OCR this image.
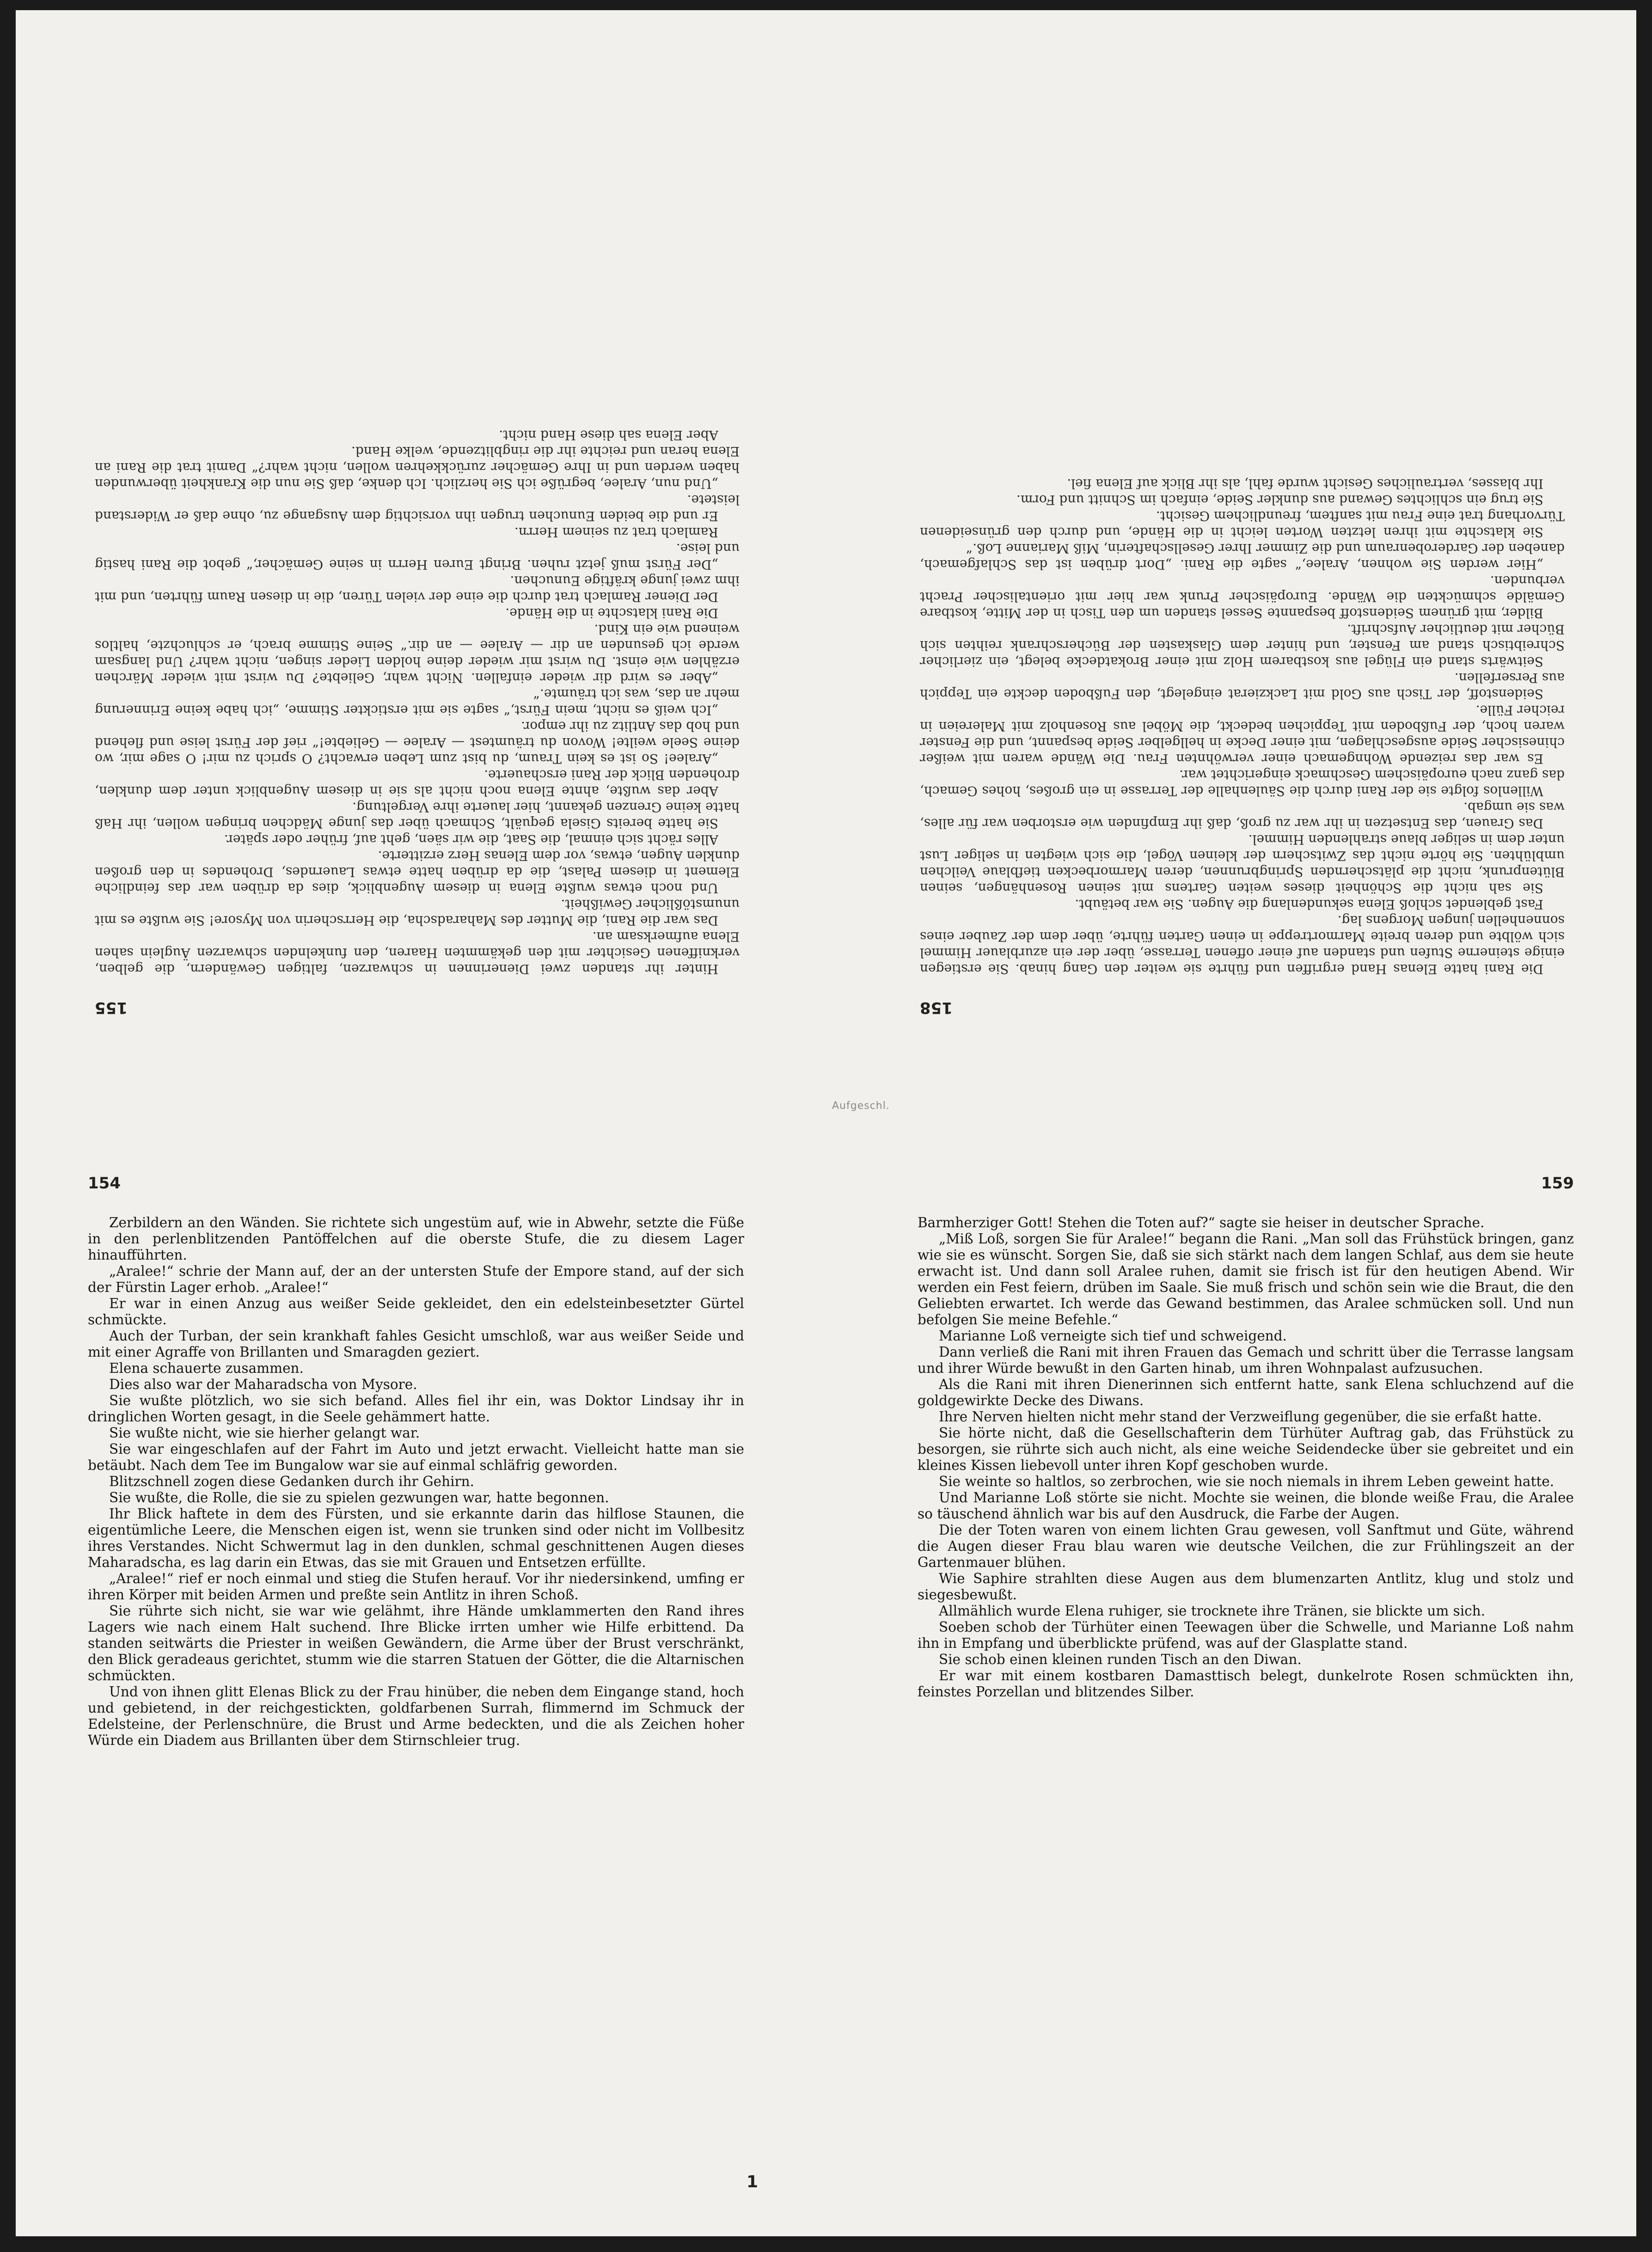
155

Hinter ihr standen zwei Dienerinnen in schwarzen, faltigen Gewändern, die gelben, verkniffenen Gesichter mit den gekämmten Haaren, den funkelnden schwarzen Äuglein sahen Elena aufmerksam an.

Das war die Rani, die Mutter des Maharadscha, die Herrscherin von Mysore! Sie wußte es mit unumstößlicher Gewißheit.

Und noch etwas wußte Elena in diesem Augenblick, dies da drüben war das feindliche Element in diesem Palast, die da drüben hatte etwas Lauerndes, Drohendes in den großen dunklen Augen, etwas, vor dem Elenas Herz erzitterte.

Alles rächt sich einmal, die Saat, die wir säen, geht auf, früher oder später.

Sie hatte bereits Gisela gequält, Schmach über das junge Mädchen bringen wollen, ihr Haß hatte keine Grenzen gekannt, hier lauerte ihre Vergeltung.

Aber das wußte, ahnte Elena noch nicht als sie in diesem Augenblick unter dem dunklen, drohenden Blick der Rani erschauerte.

„Aralee! So ist es kein Traum, du bist zum Leben erwacht? O sprich zu mir! O sage mir, wo deine Seele weilte! Wovon du träumtest — Aralee — Geliebte!“ rief der Fürst leise und flehend und hob das Antlitz zu ihr empor.

„Ich weiß es nicht, mein Fürst,“ sagte sie mit erstickter Stimme, „ich habe keine Erinnerung mehr an das, was ich träumte.“

„Aber es wird dir wieder einfallen. Nicht wahr, Geliebte? Du wirst mit wieder Märchen erzählen wie einst. Du wirst mir wieder deine holden Lieder singen, nicht wahr? Und langsam werde ich gesunden an dir — Aralee — an dir.“ Seine Stimme brach, er schluchzte, haltlos weinend wie ein Kind.

Die Rani klatschte in die Hände.

Der Diener Ramlach trat durch die eine der vielen Türen, die in diesen Raum führten, und mit ihm zwei junge kräftige Eunuchen.

„Der Fürst muß jetzt ruhen. Bringt Euren Herrn in seine Gemächer,“ gebot die Rani hastig und leise.

Ramlach trat zu seinem Herrn.

Er und die beiden Eunuchen trugen ihn vorsichtig dem Ausgange zu, ohne daß er Widerstand leistete.

„Und nun, Aralee, begrüße ich Sie herzlich. Ich denke, daß Sie nun die Krankheit überwunden haben werden und in Ihre Gemächer zurückkehren wollen, nicht wahr?“ Damit trat die Rani an Elena heran und reichte ihr die ringblitzende, welke Hand.

Aber Elena sah diese Hand nicht.

158

Die Rani hatte Elenas Hand ergriffen und führte sie weiter den Gang hinab. Sie erstiegen einige steinerne Stufen und standen auf einer offenen Terrasse, über der ein azurblauer Himmel sich wölbte und deren breite Marmortreppe in einen Garten führte, über dem der Zauber eines sonnenhellen jungen Morgens lag.

Fast geblendet schloß Elena sekundenlang die Augen. Sie war betäubt.

Sie sah nicht die Schönheit dieses weiten Gartens mit seinen Rosenhängen, seinen Blütenprunk, nicht die plätschernden Springbrunnen, deren Marmorbecken tiefblaue Veilchen umblühten. Sie hörte nicht das Zwitschern der kleinen Vögel, die sich wiegten in seliger Lust unter dem in seliger blaue strahlenden Himmel.

Das Grauen, das Entsetzen in ihr war zu groß, daß ihr Empfinden wie erstorben war für alles, was sie umgab.

Willenlos folgte sie der Rani durch die Säulenhalle der Terrasse in ein großes, hohes Gemach, das ganz nach europäischem Geschmack eingerichtet war.

Es war das reizende Wohngemach einer verwöhnten Frau. Die Wände waren mit weißer chinesischer Seide ausgeschlagen, mit einer Decke in hellgelber Seide bespannt, und die Fenster waren hoch, der Fußboden mit Teppichen bedeckt, die Möbel aus Rosenholz mit Malereien in reicher Fülle.

Seidenstoff, der Tisch aus Gold mit Lackzierat eingelegt, den Fußboden deckte ein Teppich aus Perserfellen.

Seitwärts stand ein Flügel aus kostbarem Holz mit einer Brokatdecke belegt, ein zierlicher Schreibtisch stand am Fenster, und hinter dem Glaskasten der Bücherschrank reihten sich Bücher mit deutlicher Aufschrift.

Bilder, mit grünem Seidenstoff bespannte Sessel standen um den Tisch in der Mitte, kostbare Gemälde schmückten die Wände. Europäischer Prunk war hier mit orientalischer Pracht verbunden.

„Hier werden Sie wohnen, Aralee,“ sagte die Rani. „Dort drüben ist das Schlafgemach, daneben der Garderobenraum und die Zimmer Ihrer Gesellschafterin, Miß Marianne Loß.“

Sie klatschte mit ihren letzten Worten leicht in die Hände, und durch den grünseidenen Türvorhang trat eine Frau mit sanftem, freundlichem Gesicht.

Sie trug ein schlichtes Gewand aus dunkler Seide, einfach im Schnitt und Form.

Ihr blasses, vertrauliches Gesicht wurde fahl, als ihr Blick auf Elena fiel.

Aufgeschl.
154

Zerbildern an den Wänden. Sie richtete sich ungestüm auf, wie in Abwehr, setzte die Füße in den perlenblitzenden Pantöffelchen auf die oberste Stufe, die zu diesem Lager hinaufführten.

„Aralee!“ schrie der Mann auf, der an der untersten Stufe der Empore stand, auf der sich der Fürstin Lager erhob. „Aralee!“

Er war in einen Anzug aus weißer Seide gekleidet, den ein edelsteinbesetzter Gürtel schmückte.

Auch der Turban, der sein krankhaft fahles Gesicht umschloß, war aus weißer Seide und mit einer Agraffe von Brillanten und Smaragden geziert.

Elena schauerte zusammen.

Dies also war der Maharadscha von Mysore.

Sie wußte plötzlich, wo sie sich befand. Alles fiel ihr ein, was Doktor Lindsay ihr in dringlichen Worten gesagt, in die Seele gehämmert hatte.

Sie wußte nicht, wie sie hierher gelangt war.

Sie war eingeschlafen auf der Fahrt im Auto und jetzt erwacht. Vielleicht hatte man sie betäubt. Nach dem Tee im Bungalow war sie auf einmal schläfrig geworden.

Blitzschnell zogen diese Gedanken durch ihr Gehirn.

Sie wußte, die Rolle, die sie zu spielen gezwungen war, hatte begonnen.

Ihr Blick haftete in dem des Fürsten, und sie erkannte darin das hilflose Staunen, die eigentümliche Leere, die Menschen eigen ist, wenn sie trunken sind oder nicht im Vollbesitz ihres Verstandes. Nicht Schwermut lag in den dunklen, schmal geschnittenen Augen dieses Maharadscha, es lag darin ein Etwas, das sie mit Grauen und Entsetzen erfüllte.

„Aralee!“ rief er noch einmal und stieg die Stufen herauf. Vor ihr niedersinkend, umfing er ihren Körper mit beiden Armen und preßte sein Antlitz in ihren Schoß.

Sie rührte sich nicht, sie war wie gelähmt, ihre Hände umklammerten den Rand ihres Lagers wie nach einem Halt suchend. Ihre Blicke irrten umher wie Hilfe erbittend. Da standen seitwärts die Priester in weißen Gewändern, die Arme über der Brust verschränkt, den Blick geradeaus gerichtet, stumm wie die starren Statuen der Götter, die die Altarnischen schmückten.

Und von ihnen glitt Elenas Blick zu der Frau hinüber, die neben dem Eingange stand, hoch und gebietend, in der reichgestickten, goldfarbenen Surrah, flimmernd im Schmuck der Edelsteine, der Perlenschnüre, die Brust und Arme bedeckten, und die als Zeichen hoher Würde ein Diadem aus Brillanten über dem Stirnschleier trug.

159

Barmherziger Gott! Stehen die Toten auf?“ sagte sie heiser in deutscher Sprache.

„Miß Loß, sorgen Sie für Aralee!“ begann die Rani. „Man soll das Frühstück bringen, ganz wie sie es wünscht. Sorgen Sie, daß sie sich stärkt nach dem langen Schlaf, aus dem sie heute erwacht ist. Und dann soll Aralee ruhen, damit sie frisch ist für den heutigen Abend. Wir werden ein Fest feiern, drüben im Saale. Sie muß frisch und schön sein wie die Braut, die den Geliebten erwartet. Ich werde das Gewand bestimmen, das Aralee schmücken soll. Und nun befolgen Sie meine Befehle.“

Marianne Loß verneigte sich tief und schweigend.

Dann verließ die Rani mit ihren Frauen das Gemach und schritt über die Terrasse langsam und ihrer Würde bewußt in den Garten hinab, um ihren Wohnpalast aufzusuchen.

Als die Rani mit ihren Dienerinnen sich entfernt hatte, sank Elena schluchzend auf die goldgewirkte Decke des Diwans.

Ihre Nerven hielten nicht mehr stand der Verzweiflung gegenüber, die sie erfaßt hatte.

Sie hörte nicht, daß die Gesellschafterin dem Türhüter Auftrag gab, das Frühstück zu besorgen, sie rührte sich auch nicht, als eine weiche Seidendecke über sie gebreitet und ein kleines Kissen liebevoll unter ihren Kopf geschoben wurde.

Sie weinte so haltlos, so zerbrochen, wie sie noch niemals in ihrem Leben geweint hatte.

Und Marianne Loß störte sie nicht. Mochte sie weinen, die blonde weiße Frau, die Aralee so täuschend ähnlich war bis auf den Ausdruck, die Farbe der Augen.

Die der Toten waren von einem lichten Grau gewesen, voll Sanftmut und Güte, während die Augen dieser Frau blau waren wie deutsche Veilchen, die zur Frühlingszeit an der Gartenmauer blühen.

Wie Saphire strahlten diese Augen aus dem blumenzarten Antlitz, klug und stolz und siegesbewußt.

Allmählich wurde Elena ruhiger, sie trocknete ihre Tränen, sie blickte um sich.

Soeben schob der Türhüter einen Teewagen über die Schwelle, und Marianne Loß nahm ihn in Empfang und überblickte prüfend, was auf der Glasplatte stand.

Sie schob einen kleinen runden Tisch an den Diwan.

Er war mit einem kostbaren Damasttisch belegt, dunkelrote Rosen schmückten ihn, feinstes Porzellan und blitzendes Silber.

1
